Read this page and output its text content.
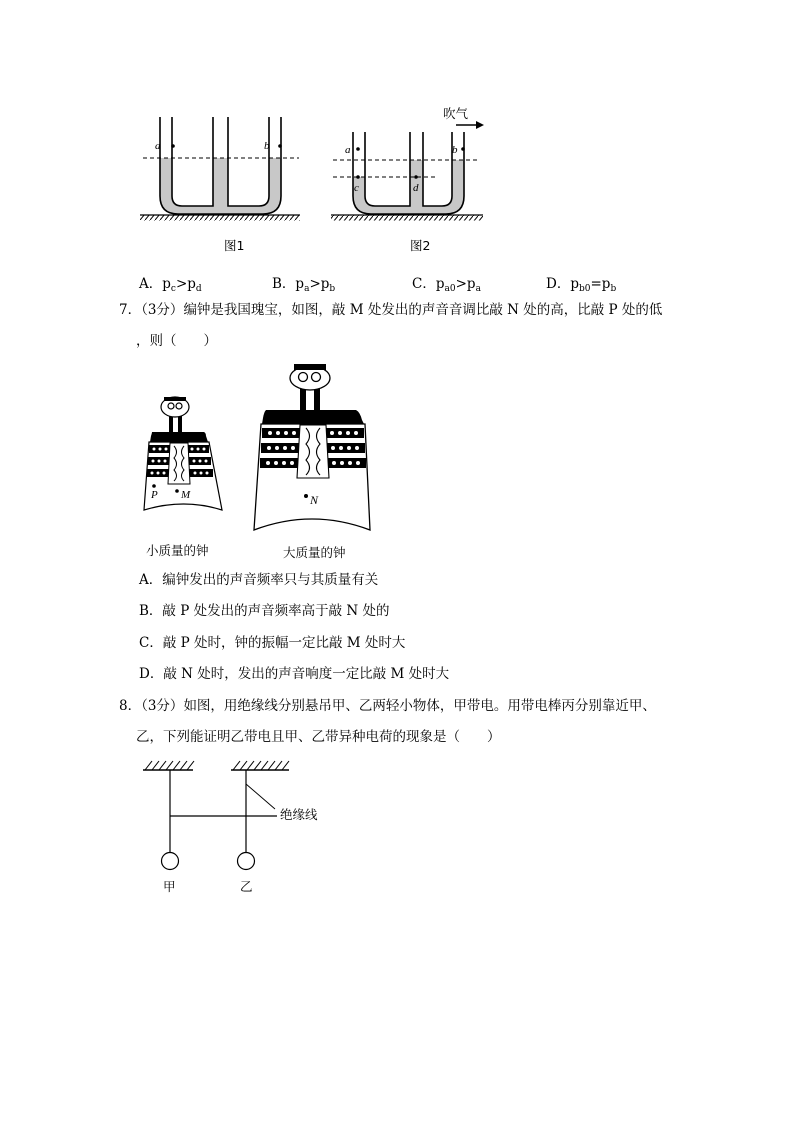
a	b
图1
a	b
c	d
吹气
图2
A．$p_c>p_d$	B．$p_a>p_b$	C．$p_{a0}>p_a$	D．$p_{b0}=p_b$
7．（3分）编钟是我国瑰宝，如图，敲 M 处发出的声音音调比敲 N 处的高，比敲 P 处的低
，则（　　）
P M
小质量的钟
N
大质量的钟
A．编钟发出的声音频率只与其质量有关
B．敲 P 处发出的声音频率高于敲 N 处的
C．敲 P 处时，钟的振幅一定比敲 M 处时大
D．敲 N 处时，发出的声音响度一定比敲 M 处时大
8．（3分）如图，用绝缘线分别悬吊甲、乙两轻小物体，甲带电。用带电棒丙分别靠近甲、
乙，下列能证明乙带电且甲、乙带异种电荷的现象是（　　）
绝缘线
甲	乙
